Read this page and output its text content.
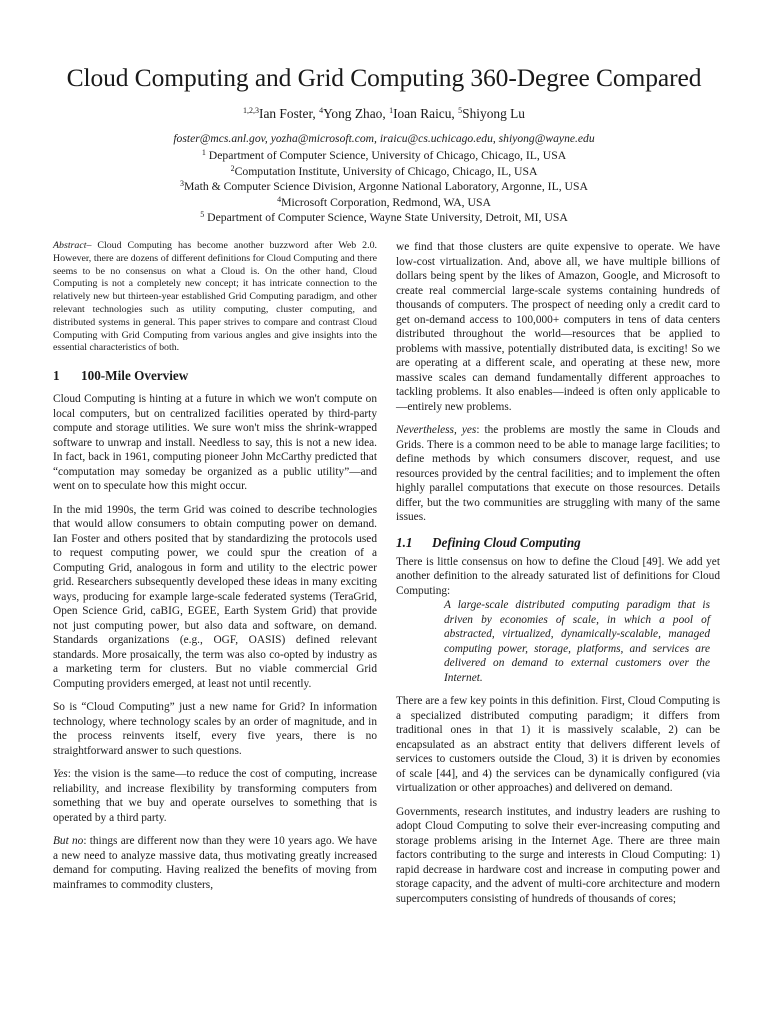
Cloud Computing and Grid Computing 360-Degree Compared
$^{1,2,3}$Ian Foster, $^4$Yong Zhao, $^1$Ioan Raicu, $^5$Shiyong Lu
foster@mcs.anl.gov, yozha@microsoft.com, iraicu@cs.uchicago.edu, shiyong@wayne.edu
$^1$ Department of Computer Science, University of Chicago, Chicago, IL, USA
$^2$Computation Institute, University of Chicago, Chicago, IL, USA
$^3$Math & Computer Science Division, Argonne National Laboratory, Argonne, IL, USA
$^4$Microsoft Corporation, Redmond, WA, USA
$^5$ Department of Computer Science, Wayne State University, Detroit, MI, USA

Abstract– Cloud Computing has become another buzzword after Web 2.0. However, there are dozens of different definitions for Cloud Computing and there seems to be no consensus on what a Cloud is. On the other hand, Cloud Computing is not a completely new concept; it has intricate connection to the relatively new but thirteen-year established Grid Computing paradigm, and other relevant technologies such as utility computing, cluster computing, and distributed systems in general. This paper strives to compare and contrast Cloud Computing with Grid Computing from various angles and give insights into the essential characteristics of both.

1 100-Mile Overview

Cloud Computing is hinting at a future in which we won't compute on local computers, but on centralized facilities operated by third-party compute and storage utilities. We sure won't miss the shrink-wrapped software to unwrap and install. Needless to say, this is not a new idea. In fact, back in 1961, computing pioneer John McCarthy predicted that “computation may someday be organized as a public utility”—and went on to speculate how this might occur.

In the mid 1990s, the term Grid was coined to describe technologies that would allow consumers to obtain computing power on demand. Ian Foster and others posited that by standardizing the protocols used to request computing power, we could spur the creation of a Computing Grid, analogous in form and utility to the electric power grid. Researchers subsequently developed these ideas in many exciting ways, producing for example large-scale federated systems (TeraGrid, Open Science Grid, caBIG, EGEE, Earth System Grid) that provide not just computing power, but also data and software, on demand. Standards organizations (e.g., OGF, OASIS) defined relevant standards. More prosaically, the term was also co-opted by industry as a marketing term for clusters. But no viable commercial Grid Computing providers emerged, at least not until recently.

So is “Cloud Computing” just a new name for Grid? In information technology, where technology scales by an order of magnitude, and in the process reinvents itself, every five years, there is no straightforward answer to such questions.

Yes: the vision is the same—to reduce the cost of computing, increase reliability, and increase flexibility by transforming computers from something that we buy and operate ourselves to something that is operated by a third party.

But no: things are different now than they were 10 years ago. We have a new need to analyze massive data, thus motivating greatly increased demand for computing. Having realized the benefits of moving from mainframes to commodity clusters,

we find that those clusters are quite expensive to operate. We have low-cost virtualization. And, above all, we have multiple billions of dollars being spent by the likes of Amazon, Google, and Microsoft to create real commercial large-scale systems containing hundreds of thousands of computers. The prospect of needing only a credit card to get on-demand access to 100,000+ computers in tens of data centers distributed throughout the world—resources that be applied to problems with massive, potentially distributed data, is exciting! So we are operating at a different scale, and operating at these new, more massive scales can demand fundamentally different approaches to tackling problems. It also enables—indeed is often only applicable to—entirely new problems.

Nevertheless, yes: the problems are mostly the same in Clouds and Grids. There is a common need to be able to manage large facilities; to define methods by which consumers discover, request, and use resources provided by the central facilities; and to implement the often highly parallel computations that execute on those resources. Details differ, but the two communities are struggling with many of the same issues.

1.1 Defining Cloud Computing

There is little consensus on how to define the Cloud [49]. We add yet another definition to the already saturated list of definitions for Cloud Computing:

A large-scale distributed computing paradigm that is driven by economies of scale, in which a pool of abstracted, virtualized, dynamically-scalable, managed computing power, storage, platforms, and services are delivered on demand to external customers over the Internet.

There are a few key points in this definition. First, Cloud Computing is a specialized distributed computing paradigm; it differs from traditional ones in that 1) it is massively scalable, 2) can be encapsulated as an abstract entity that delivers different levels of services to customers outside the Cloud, 3) it is driven by economies of scale [44], and 4) the services can be dynamically configured (via virtualization or other approaches) and delivered on demand.

Governments, research institutes, and industry leaders are rushing to adopt Cloud Computing to solve their ever-increasing computing and storage problems arising in the Internet Age. There are three main factors contributing to the surge and interests in Cloud Computing: 1) rapid decrease in hardware cost and increase in computing power and storage capacity, and the advent of multi-core architecture and modern supercomputers consisting of hundreds of thousands of cores;
